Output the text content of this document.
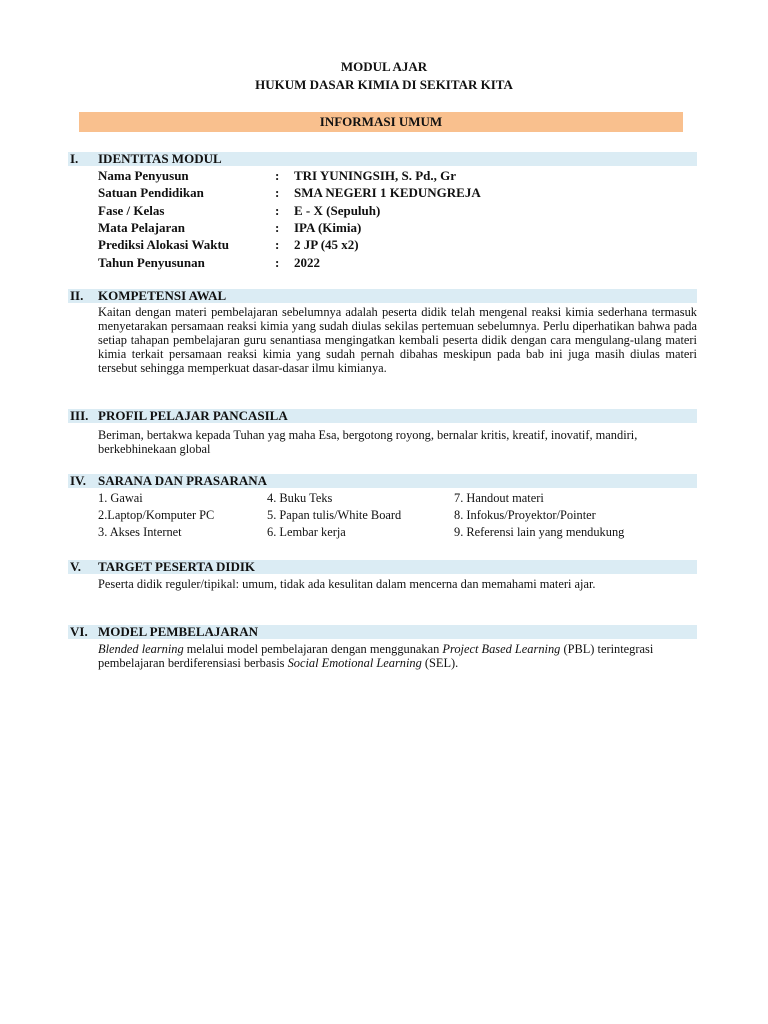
MODUL AJAR
HUKUM DASAR KIMIA DI SEKITAR KITA
INFORMASI UMUM
I. IDENTITAS MODUL
Nama Penyusun	: TRI YUNINGSIH, S. Pd., Gr
Satuan Pendidikan	: SMA NEGERI 1 KEDUNGREJA
Fase / Kelas	: E - X (Sepuluh)
Mata Pelajaran	: IPA (Kimia)
Prediksi Alokasi Waktu	: 2 JP (45 x2)
Tahun Penyusunan	: 2022
II. KOMPETENSI AWAL

Kaitan dengan materi pembelajaran sebelumnya adalah peserta didik telah mengenal reaksi kimia sederhana termasuk menyetarakan persamaan reaksi kimia yang sudah diulas sekilas pertemuan sebelumnya. Perlu diperhatikan bahwa pada setiap tahapan pembelajaran guru senantiasa mengingatkan kembali peserta didik dengan cara mengulang-ulang materi kimia terkait persamaan reaksi kimia yang sudah pernah dibahas meskipun pada bab ini juga masih diulas materi tersebut sehingga memperkuat dasar-dasar ilmu kimianya.

III. PROFIL PELAJAR PANCASILA

Beriman, bertakwa kepada Tuhan yag maha Esa, bergotong royong, bernalar kritis, kreatif, inovatif, mandiri, berkebhinekaan global

IV. SARANA DAN PRASARANA
1. Gawai	4. Buku Teks	7. Handout materi
2.Laptop/Komputer PC	5. Papan tulis/White Board	8. Infokus/Proyektor/Pointer
3. Akses Internet	6. Lembar kerja	9. Referensi lain yang mendukung
V. TARGET PESERTA DIDIK

Peserta didik reguler/tipikal: umum, tidak ada kesulitan dalam mencerna dan memahami materi ajar.

VI. MODEL PEMBELAJARAN

Blended learning melalui model pembelajaran dengan menggunakan Project Based Learning (PBL) terintegrasi pembelajaran berdiferensiasi berbasis Social Emotional Learning (SEL).
